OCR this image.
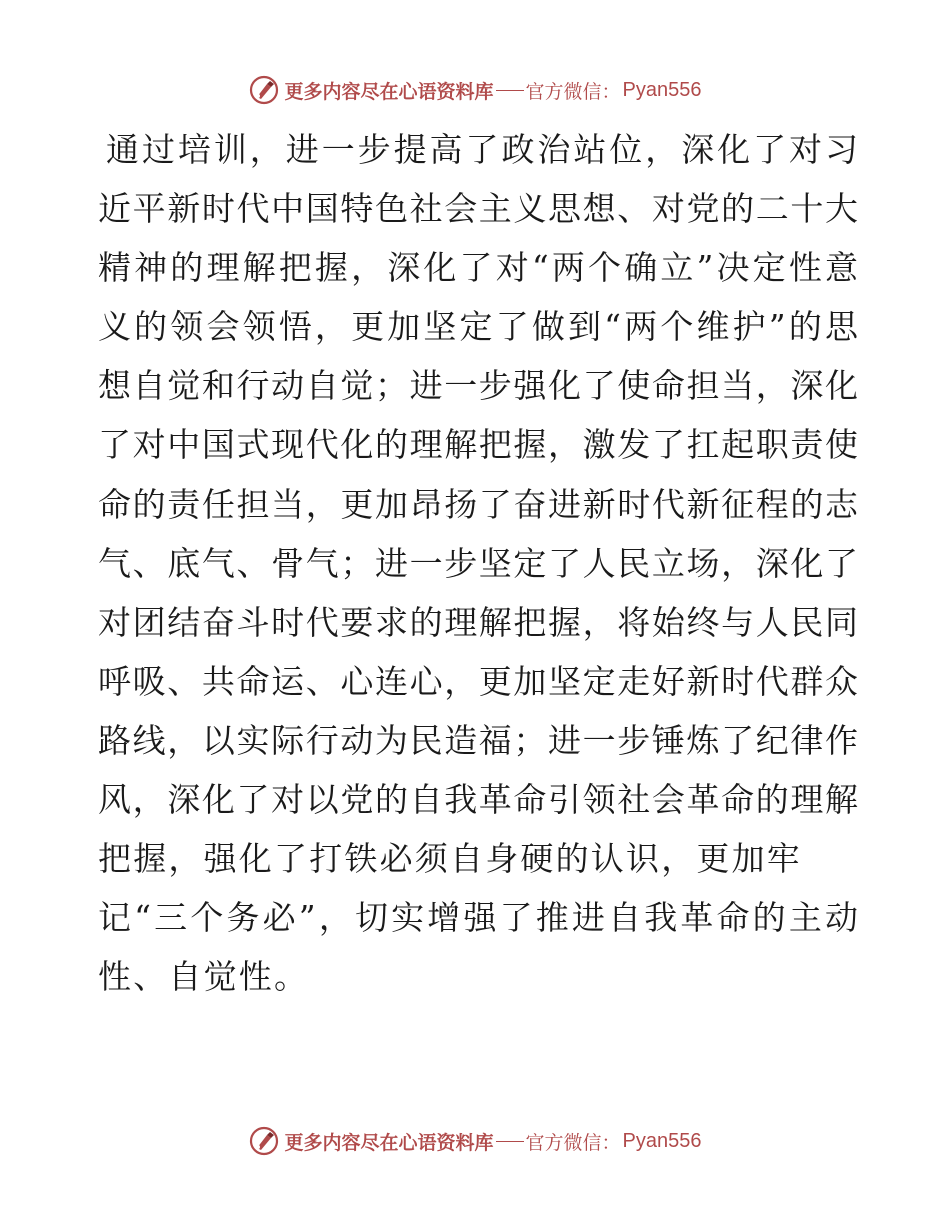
更多内容尽在心语资料库 官方微信： Pyan556
通过培训，进一步提高了政治站位，深化了对习
近平新时代中国特色社会主义思想、对党的二十大
精神的理解把握，深化了对“两个确立”决定性意
义的领会领悟，更加坚定了做到“两个维护”的思
想自觉和行动自觉；进一步强化了使命担当，深化
了对中国式现代化的理解把握，激发了扛起职责使
命的责任担当，更加昂扬了奋进新时代新征程的志
气、底气、骨气；进一步坚定了人民立场，深化了
对团结奋斗时代要求的理解把握，将始终与人民同
呼吸、共命运、心连心，更加坚定走好新时代群众
路线，以实际行动为民造福；进一步锤炼了纪律作
风，深化了对以党的自我革命引领社会革命的理解
把握，强化了打铁必须自身硬的认识，更加牢
记“三个务必”，切实增强了推进自我革命的主动
性、自觉性。
更多内容尽在心语资料库 官方微信： Pyan556
